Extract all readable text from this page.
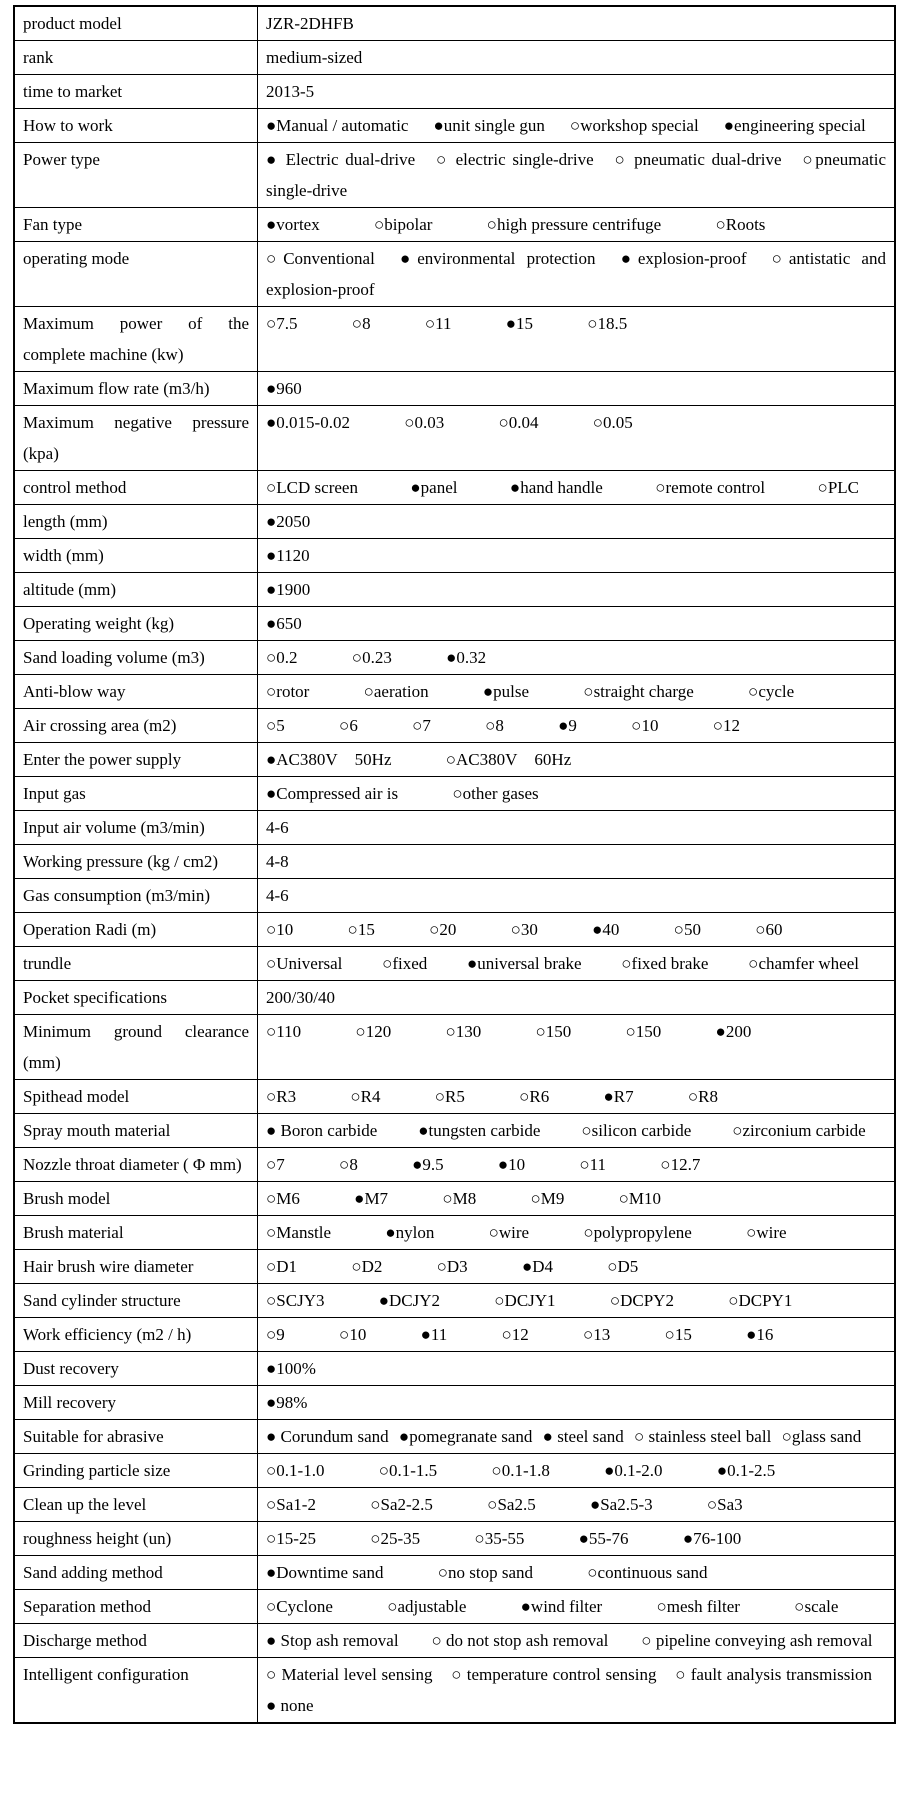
product model	JZR-2DHFB
rank	medium-sized
time to market	2013-5
How to work	●Manual / automatic ●unit single gun ○workshop special ●engineering special
Power type	● Electric dual-drive ○ electric single-drive ○ pneumatic dual-drive ○pneumatic single-drive
Fan type	●vortex ○bipolar ○high pressure centrifuge ○Roots
operating mode	○Conventional ●environmental protection ●explosion-proof ○antistatic and explosion-proof
Maximum power of the complete machine (kw)	○7.5 ○8 ○11 ●15 ○18.5
Maximum flow rate (m3/h)	●960
Maximum negative pressure (kpa)	●0.015-0.02 ○0.03 ○0.04 ○0.05
control method	○LCD screen ●panel ●hand handle ○remote control ○PLC
length (mm)	●2050
width (mm)	●1120
altitude (mm)	●1900
Operating weight (kg)	●650
Sand loading volume (m3)	○0.2 ○0.23 ●0.32
Anti-blow way	○rotor ○aeration ●pulse ○straight charge ○cycle
Air crossing area (m2)	○5 ○6 ○7 ○8 ●9 ○10 ○12
Enter the power supply	●AC380V  50Hz ○AC380V  60Hz
Input gas	●Compressed air is ○other gases
Input air volume (m3/min)	4-6
Working pressure (kg / cm2)	4-8
Gas consumption (m3/min)	4-6
Operation Radi (m)	○10 ○15 ○20 ○30 ●40 ○50 ○60
trundle	○Universal ○fixed ●universal brake ○fixed brake ○chamfer wheel
Pocket specifications	200/30/40
Minimum ground clearance (mm)	○110 ○120 ○130 ○150 ○150 ●200
Spithead model	○R3 ○R4 ○R5 ○R6 ●R7 ○R8
Spray mouth material	● Boron carbide ●tungsten carbide ○silicon carbide ○zirconium carbide
Nozzle throat diameter ( Φ mm)	○7 ○8 ●9.5 ●10 ○11 ○12.7
Brush model	○M6 ●M7 ○M8 ○M9 ○M10
Brush material	○Manstle ●nylon ○wire ○polypropylene ○wire
Hair brush wire diameter	○D1 ○D2 ○D3 ●D4 ○D5
Sand cylinder structure	○SCJY3 ●DCJY2 ○DCJY1 ○DCPY2 ○DCPY1
Work efficiency (m2 / h)	○9 ○10 ●11 ○12 ○13 ○15 ●16
Dust recovery	●100%
Mill recovery	●98%
Suitable for abrasive	● Corundum sand ●pomegranate sand ● steel sand ○ stainless steel ball ○glass sand
Grinding particle size	○0.1-1.0 ○0.1-1.5 ○0.1-1.8 ●0.1-2.0 ●0.1-2.5
Clean up the level	○Sa1-2 ○Sa2-2.5 ○Sa2.5 ●Sa2.5-3 ○Sa3
roughness height (un)	○15-25 ○25-35 ○35-55 ●55-76 ●76-100
Sand adding method	●Downtime sand ○no stop sand ○continuous sand
Separation method	○Cyclone ○adjustable ●wind filter ○mesh filter ○scale
Discharge method	● Stop ash removal ○ do not stop ash removal ○ pipeline conveying ash removal
Intelligent configuration	○ Material level sensing ○ temperature control sensing ○ fault analysis transmission ● none
